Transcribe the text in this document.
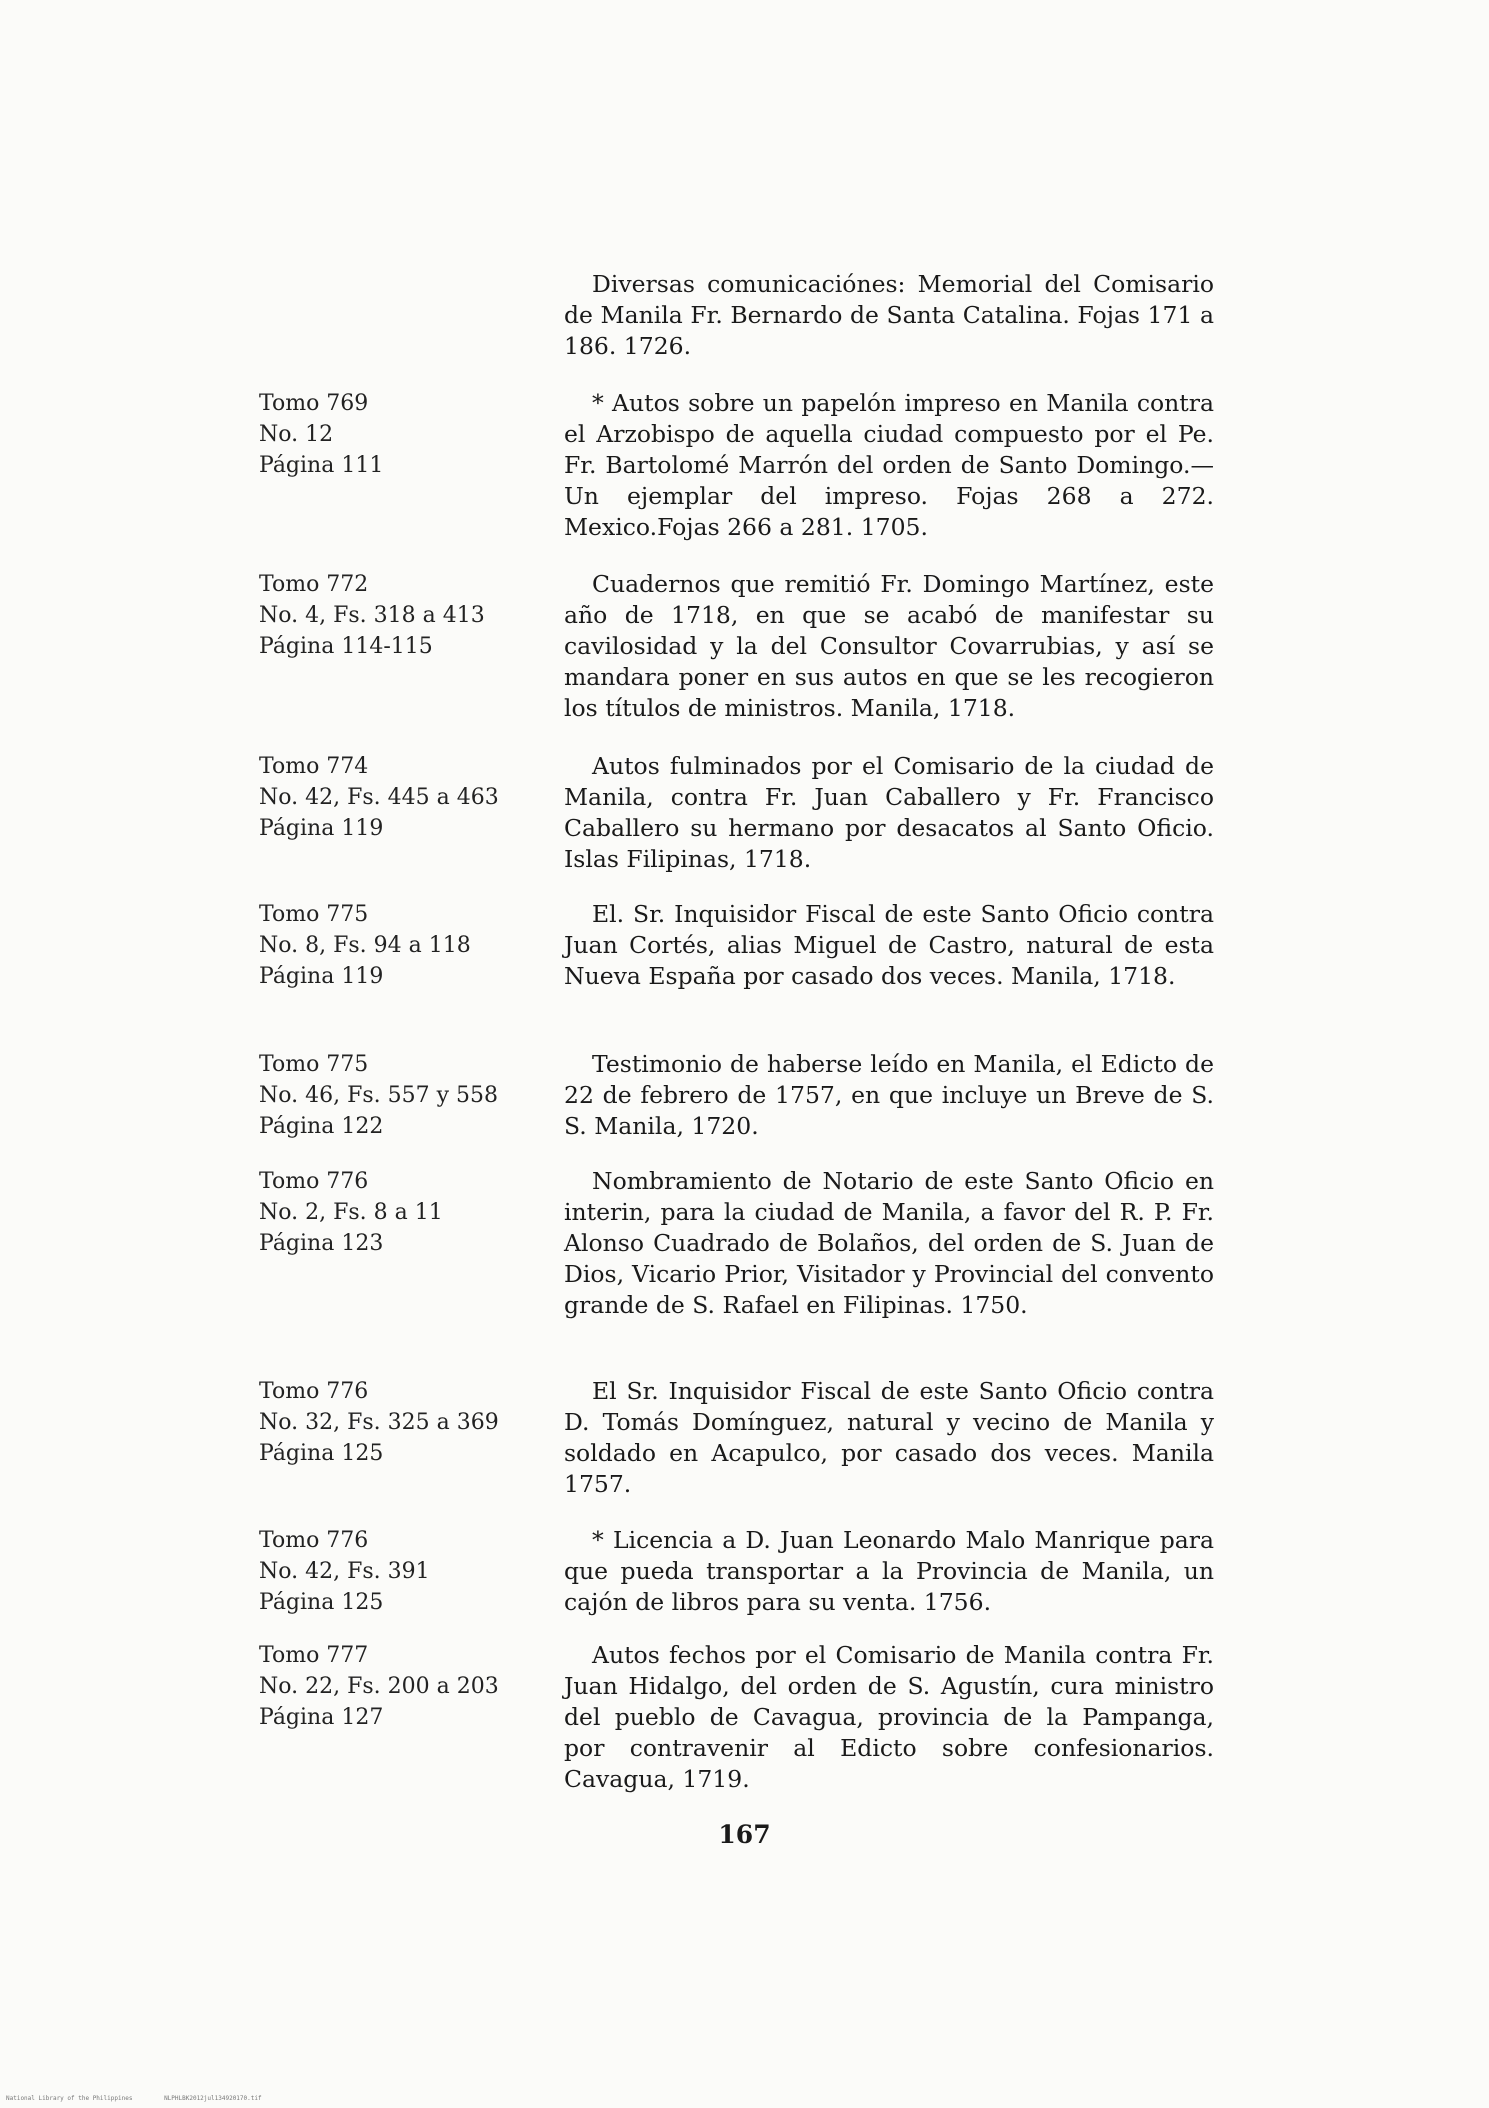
Diversas comunicaciónes: Memorial del Comisario de Manila Fr. Bernardo de Santa Catalina. Fojas 171 a 186. 1726.

Tomo 769
No. 12
Página 111

* Autos sobre un papelón impreso en Manila contra el Arzobispo de aquella ciudad compuesto por el Pe. Fr. Bartolomé Marrón del orden de Santo Domingo.—Un ejemplar del impreso. Fojas 268 a 272. Mexico.Fojas 266 a 281. 1705.

Tomo 772
No. 4, Fs. 318 a 413
Página 114-115

Cuadernos que remitió Fr. Domingo Martínez, este año de 1718, en que se acabó de manifestar su cavilosidad y la del Consultor Covarrubias, y así se mandara poner en sus autos en que se les recogieron los títulos de ministros. Manila, 1718.

Tomo 774
No. 42, Fs. 445 a 463
Página 119

Autos fulminados por el Comisario de la ciudad de Manila, contra Fr. Juan Caballero y Fr. Francisco Caballero su hermano por desacatos al Santo Oficio. Islas Filipinas, 1718.

Tomo 775
No. 8, Fs. 94 a 118
Página 119

El. Sr. Inquisidor Fiscal de este Santo Oficio contra Juan Cortés, alias Miguel de Castro, natural de esta Nueva España por casado dos veces. Manila, 1718.

Tomo 775
No. 46, Fs. 557 y 558
Página 122

Testimonio de haberse leído en Manila, el Edicto de 22 de febrero de 1757, en que incluye un Breve de S. S. Manila, 1720.

Tomo 776
No. 2, Fs. 8 a 11
Página 123

Nombramiento de Notario de este Santo Oficio en interin, para la ciudad de Manila, a favor del R. P. Fr. Alonso Cuadrado de Bolaños, del orden de S. Juan de Dios, Vicario Prior, Visitador y Provincial del convento grande de S. Rafael en Filipinas. 1750.

Tomo 776
No. 32, Fs. 325 a 369
Página 125

El Sr. Inquisidor Fiscal de este Santo Oficio contra D. Tomás Domínguez, natural y vecino de Manila y soldado en Acapulco, por casado dos veces. Manila 1757.

Tomo 776
No. 42, Fs. 391
Página 125

* Licencia a D. Juan Leonardo Malo Manrique para que pueda transportar a la Provincia de Manila, un cajón de libros para su venta. 1756.

Tomo 777
No. 22, Fs. 200 a 203
Página 127

Autos fechos por el Comisario de Manila contra Fr. Juan Hidalgo, del orden de S. Agustín, cura ministro del pueblo de Cavagua, provincia de la Pampanga, por contravenir al Edicto sobre confesionarios. Cavagua, 1719.

167
National Library of the Philippines	NLPHLBK2012jul134920170.tif
